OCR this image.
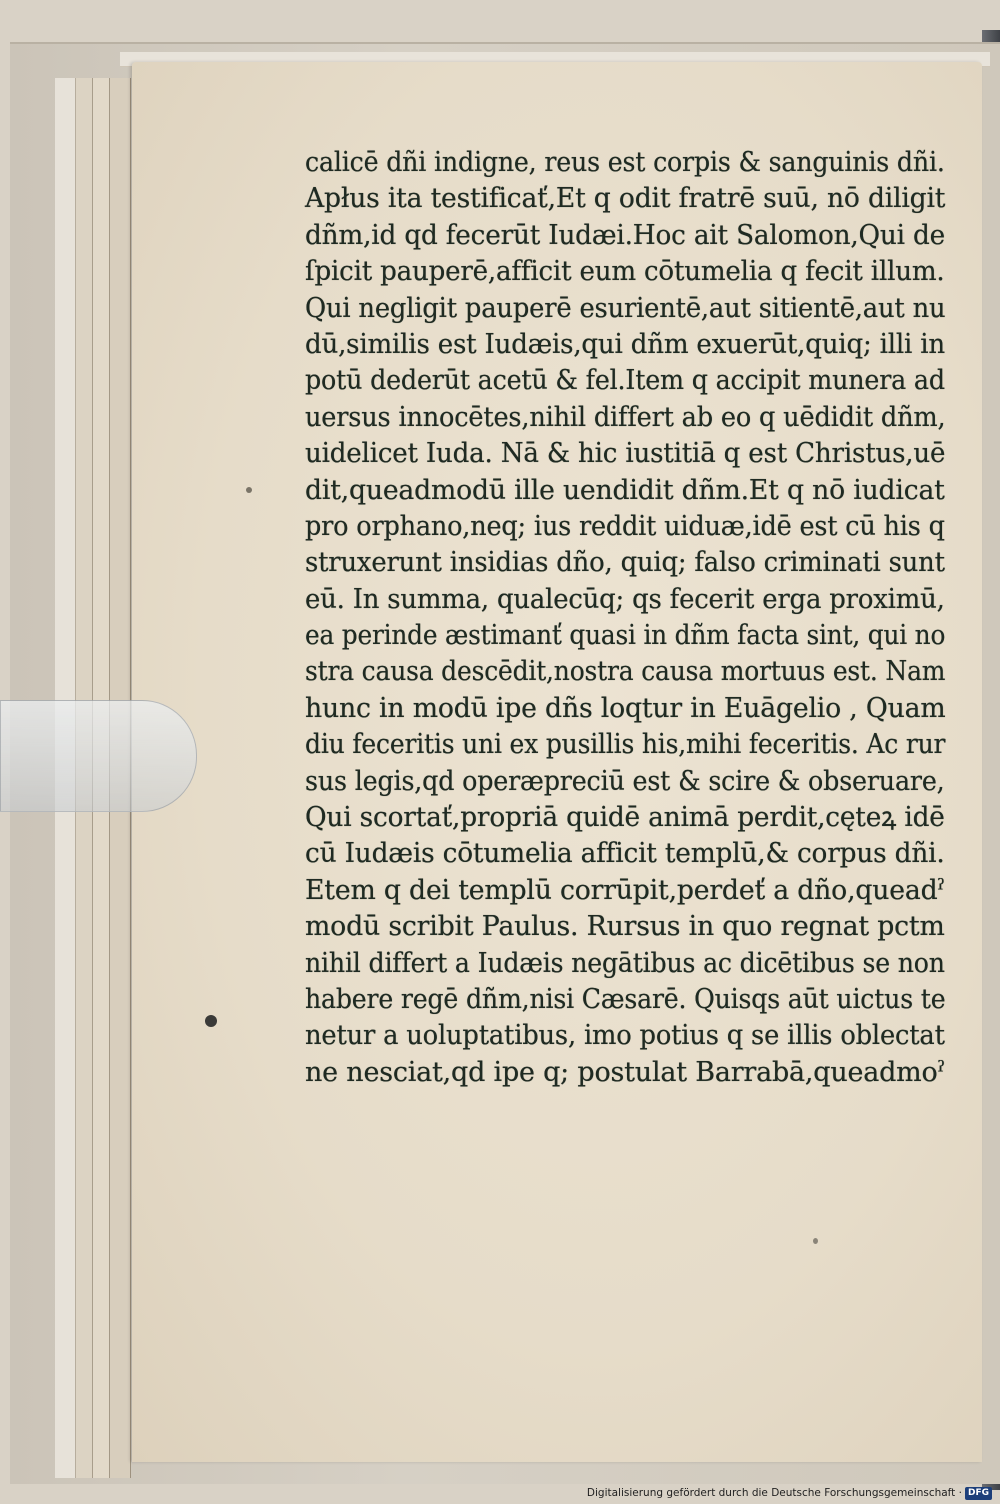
calicē dñi indigne, reus est corpis & sanguinis dñi.
Apłus ita testificať,Et q odit fratrē suū, nō diligit
dñm,id qd fecerūt Iudæi.Hoc ait Salomon,Qui de
ſpicit pauperē,afficit eum cōtumelia q fecit illum.
Qui negligit pauperē esurientē,aut sitientē,aut nu
dū,similis est Iudæis,qui dñm exuerūt,quiq; illi in
potū dederūt acetū & fel.Item q accipit munera ad
uersus innocētes,nihil differt ab eo q uēdidit dñm,
uidelicet Iuda. Nā & hic iustitiā q est Christus,uē
dit,queadmodū ille uendidit dñm.Et q nō iudicat
pro orphano,neq; ius reddit uiduæ,idē est cū his q
struxerunt insidias dño, quiq; falso criminati sunt
eū. In summa, qualecūq; qs fecerit erga proximū,
ea perinde æstimanť quasi in dñm facta sint, qui no
stra causa descēdit,nostra causa mortuus est. Nam
hunc in modū ipe dñs loqtur in Euāgelio , Quam
diu feceritis uni ex pusillis his,mihi feceritis. Ac rur
sus legis,qd operæpreciū est & scire & obseruare,
Qui scortať,propriā quidē animā perdit,cęteꝝ idē
cū Iudæis cōtumelia afficit templū,& corpus dñi.
Etem q dei templū corrūpit,perdeť a dño,queadˀ
modū scribit Paulus. Rursus in quo regnat pctm
nihil differt a Iudæis negātibus ac dicētibus se non
habere regē dñm,nisi Cæsarē. Quisqs aūt uictus te
netur a uoluptatibus, imo potius q se illis oblectat
ne nesciat,qd ipe q; postulat Barrabā,queadmoˀ
Digitalisierung gefördert durch die Deutsche Forschungsgemeinschaft · DFG
